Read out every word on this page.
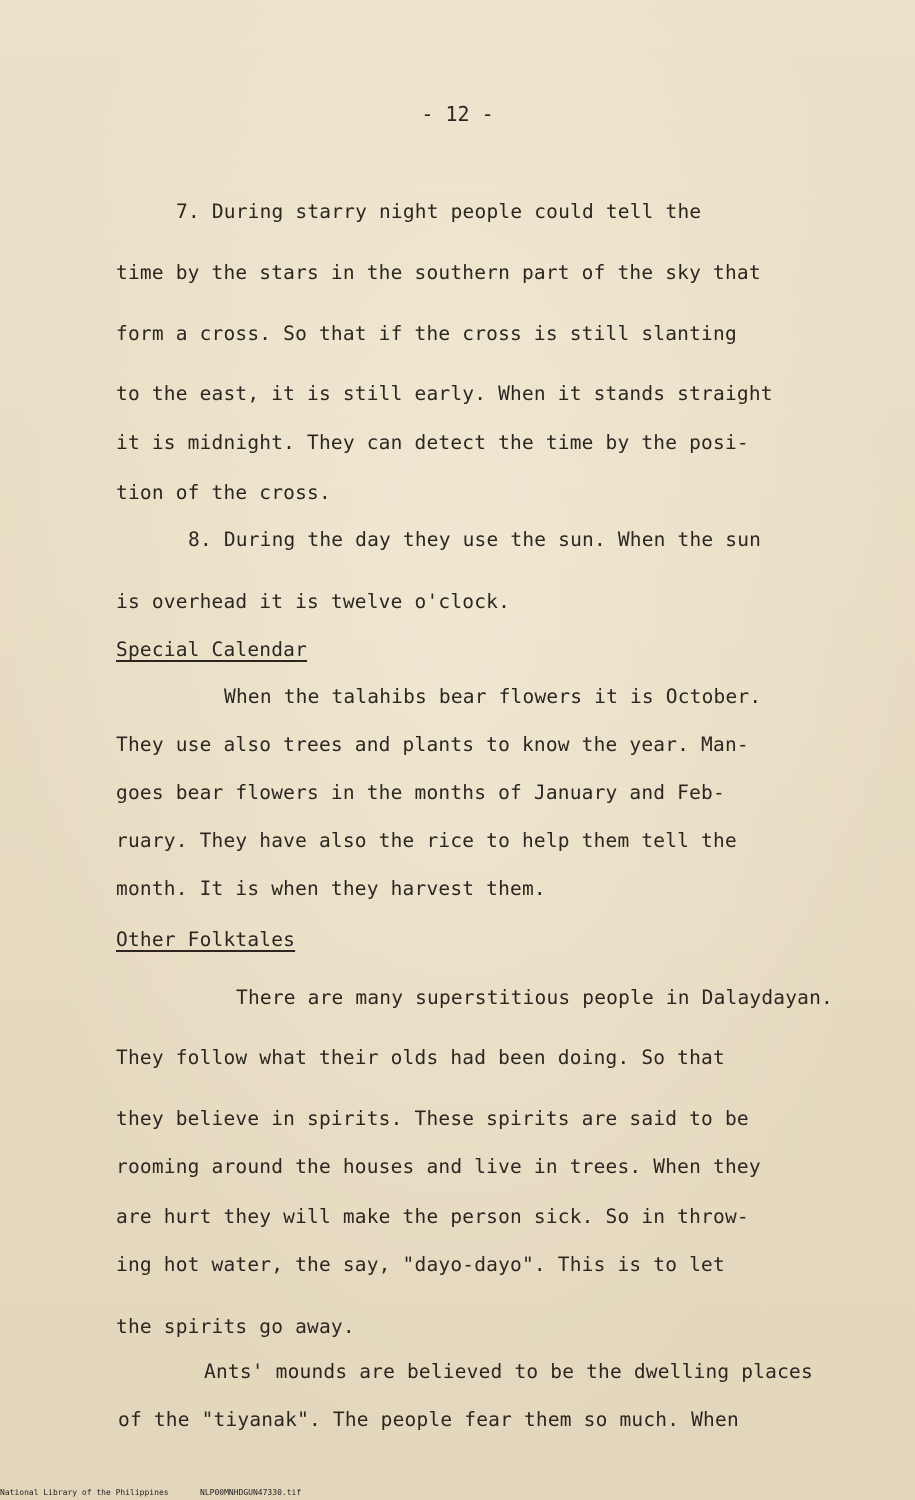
- 12 -
7. During starry night people could tell the
time by the stars in the southern part of the sky that
form a cross. So that if the cross is still slanting
to the east, it is still early. When it stands straight
it is midnight. They can detect the time by the posi-
tion of the cross.
8. During the day they use the sun. When the sun
is overhead it is twelve o'clock.
Special Calendar
When the talahibs bear flowers it is October.
They use also trees and plants to know the year. Man-
goes bear flowers in the months of January and Feb-
ruary. They have also the rice to help them tell the
month. It is when they harvest them.
Other Folktales
There are many superstitious people in Dalaydayan.
They follow what their olds had been doing. So that
they believe in spirits. These spirits are said to be
rooming around the houses and live in trees. When they
are hurt they will make the person sick. So in throw-
ing hot water, the say, "dayo-dayo". This is to let
the spirits go away.
Ants' mounds are believed to be the dwelling places
of the "tiyanak". The people fear them so much. When
National Library of the Philippines	NLP00MNHDGUN47330.tif
